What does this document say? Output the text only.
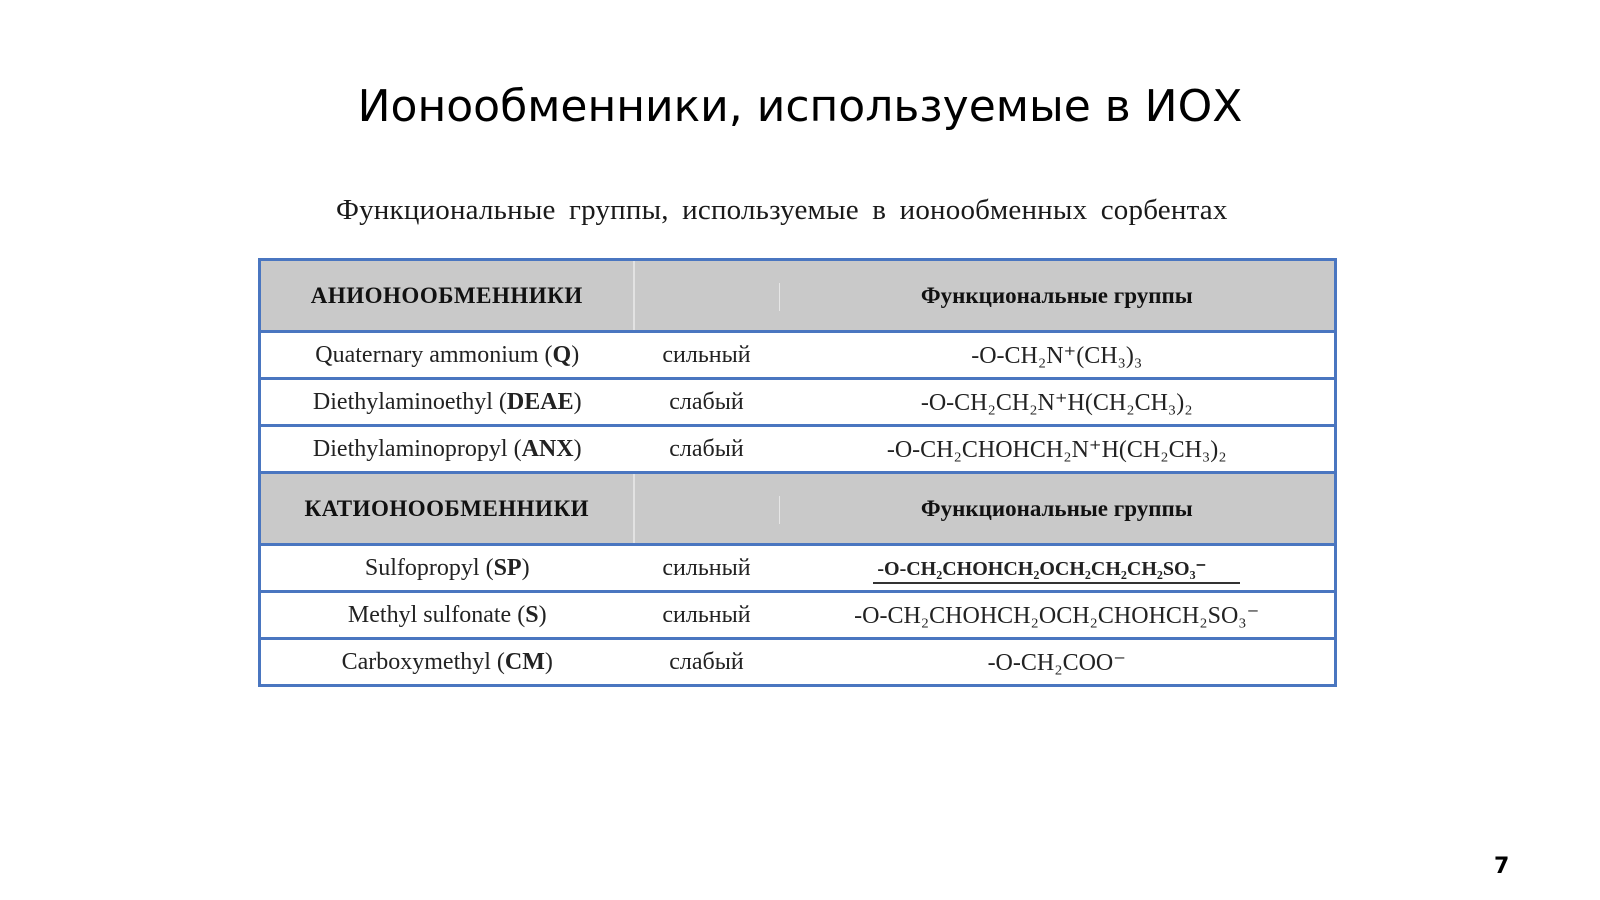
Ионообменники, используемые в ИОХ
Функциональные группы, используемые в ионообменных сорбентах
АНИОНООБМЕННИКИ		Функциональные группы
Quaternary ammonium (Q)	сильный	-O-CH₂N⁺(CH₃)₃
Diethylaminoethyl (DEAE)	слабый	-O-CH₂CH₂N⁺H(CH₂CH₃)₂
Diethylaminopropyl (ANX)	слабый	-O-CH₂CHOHCH₂N⁺H(CH₂CH₃)₂
КАТИОНООБМЕННИКИ		Функциональные группы
Sulfopropyl (SP)	сильный	-O-CH₂CHOHCH₂OCH₂CH₂CH₂SO₃⁻
Methyl sulfonate (S)	сильный	-O-CH₂CHOHCH₂OCH₂CHOHCH₂SO₃⁻
Carboxymethyl (CM)	слабый	-O-CH₂COO⁻
7
